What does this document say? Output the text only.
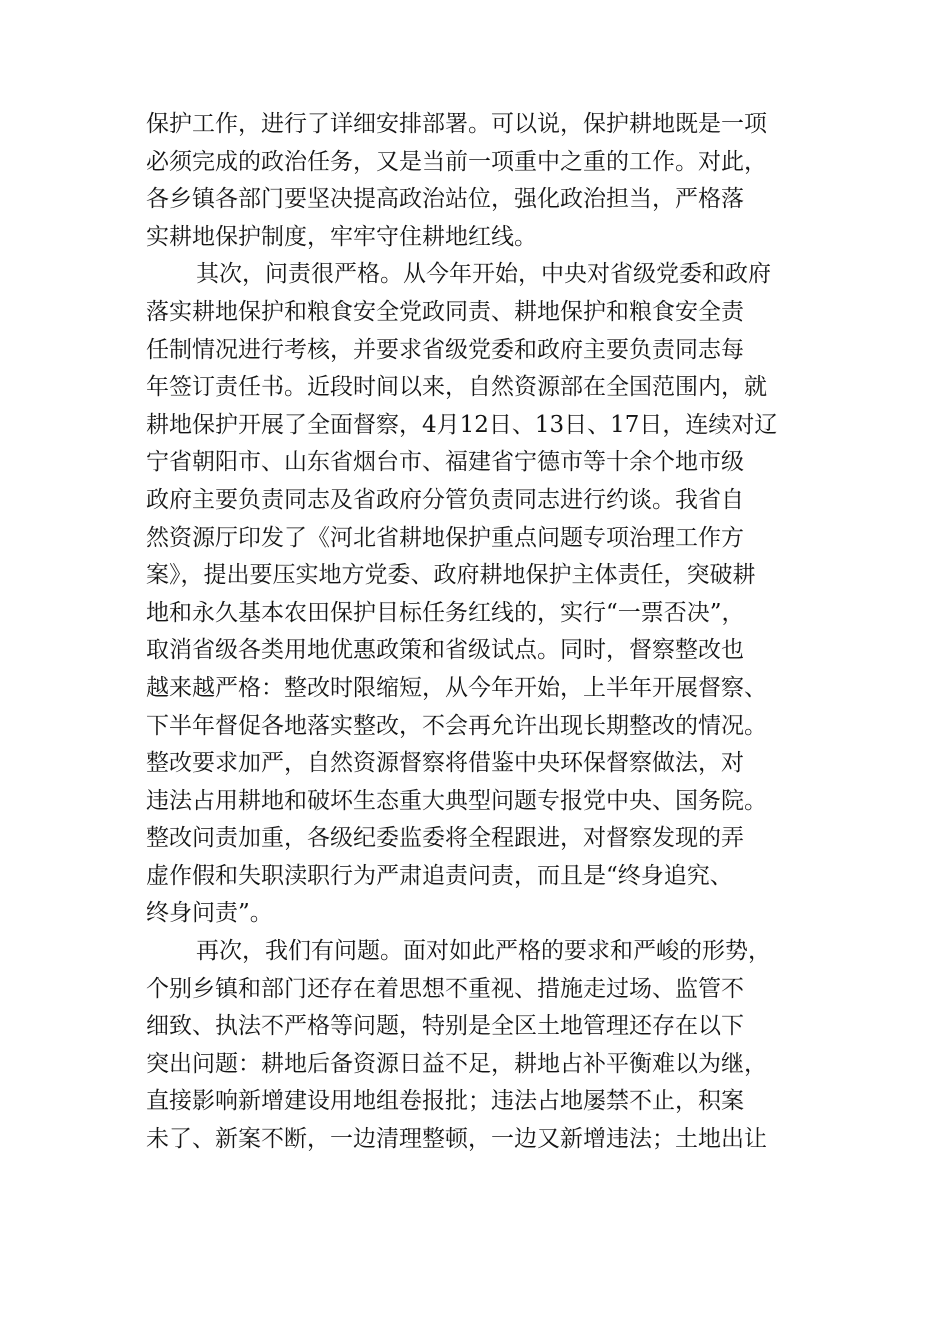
保护工作，进行了详细安排部署。可以说，保护耕地既是一项
必须完成的政治任务，又是当前一项重中之重的工作。对此，
各乡镇各部门要坚决提高政治站位，强化政治担当，严格落
实耕地保护制度，牢牢守住耕地红线。
其次，问责很严格。从今年开始，中央对省级党委和政府
落实耕地保护和粮食安全党政同责、耕地保护和粮食安全责
任制情况进行考核，并要求省级党委和政府主要负责同志每
年签订责任书。近段时间以来，自然资源部在全国范围内，就
耕地保护开展了全面督察，4月12日、13日、17日，连续对辽
宁省朝阳市、山东省烟台市、福建省宁德市等十余个地市级
政府主要负责同志及省政府分管负责同志进行约谈。我省自
然资源厅印发了《河北省耕地保护重点问题专项治理工作方
案》，提出要压实地方党委、政府耕地保护主体责任，突破耕
地和永久基本农田保护目标任务红线的，实行“一票否决”，
取消省级各类用地优惠政策和省级试点。同时，督察整改也
越来越严格：整改时限缩短，从今年开始，上半年开展督察、
下半年督促各地落实整改，不会再允许出现长期整改的情况。
整改要求加严，自然资源督察将借鉴中央环保督察做法，对
违法占用耕地和破坏生态重大典型问题专报党中央、国务院。
整改问责加重，各级纪委监委将全程跟进，对督察发现的弄
虚作假和失职渎职行为严肃追责问责，而且是“终身追究、
终身问责”。
再次，我们有问题。面对如此严格的要求和严峻的形势，
个别乡镇和部门还存在着思想不重视、措施走过场、监管不
细致、执法不严格等问题，特别是全区土地管理还存在以下
突出问题：耕地后备资源日益不足，耕地占补平衡难以为继，
直接影响新增建设用地组卷报批；违法占地屡禁不止，积案
未了、新案不断，一边清理整顿，一边又新增违法；土地出让
